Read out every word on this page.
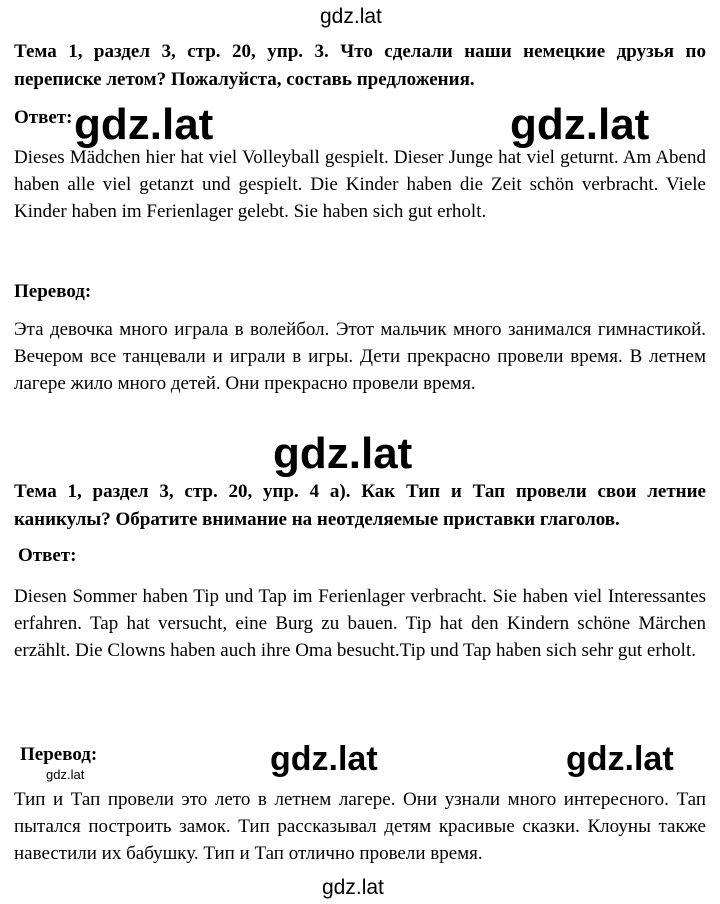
gdz.lat
gdz.lat	gdz.lat
gdz.lat
gdz.lat	gdz.lat
gdz.lat
gdz.lat
Тема 1, раздел 3, стр. 20, упр. 3. Что сделали наши немецкие друзья по переписке летом? Пожалуйста, составь предложения.
Ответ:
Dieses Mädchen hier hat viel Volleyball gespielt. Dieser Junge hat viel geturnt. Am Abend haben alle viel getanzt und gespielt. Die Kinder haben die Zeit schön verbracht. Viele Kinder haben im Ferienlager gelebt. Sie haben sich gut erholt.
Перевод:
Эта девочка много играла в волейбол. Этот мальчик много занимался гимнастикой. Вечером все танцевали и играли в игры. Дети прекрасно провели время. В летнем лагере жило много детей. Они прекрасно провели время.
Тема 1, раздел 3, стр. 20, упр. 4 а). Как Тип и Тап провели свои летние каникулы? Обратите внимание на неотделяемые приставки глаголов.
Ответ:
Diesen Sommer haben Tip und Tap im Ferienlager verbracht. Sie haben viel Interessantes erfahren. Tap hat versucht, eine Burg zu bauen. Tip hat den Kindern schöne Märchen erzählt. Die Clowns haben auch ihre Oma besucht.Tip und Tap haben sich sehr gut erholt.
Перевод:
Тип и Тап провели это лето в летнем лагере. Они узнали много интересного. Тап пытался построить замок. Тип рассказывал детям красивые сказки. Клоуны также навестили их бабушку. Тип и Тап отлично провели время.
